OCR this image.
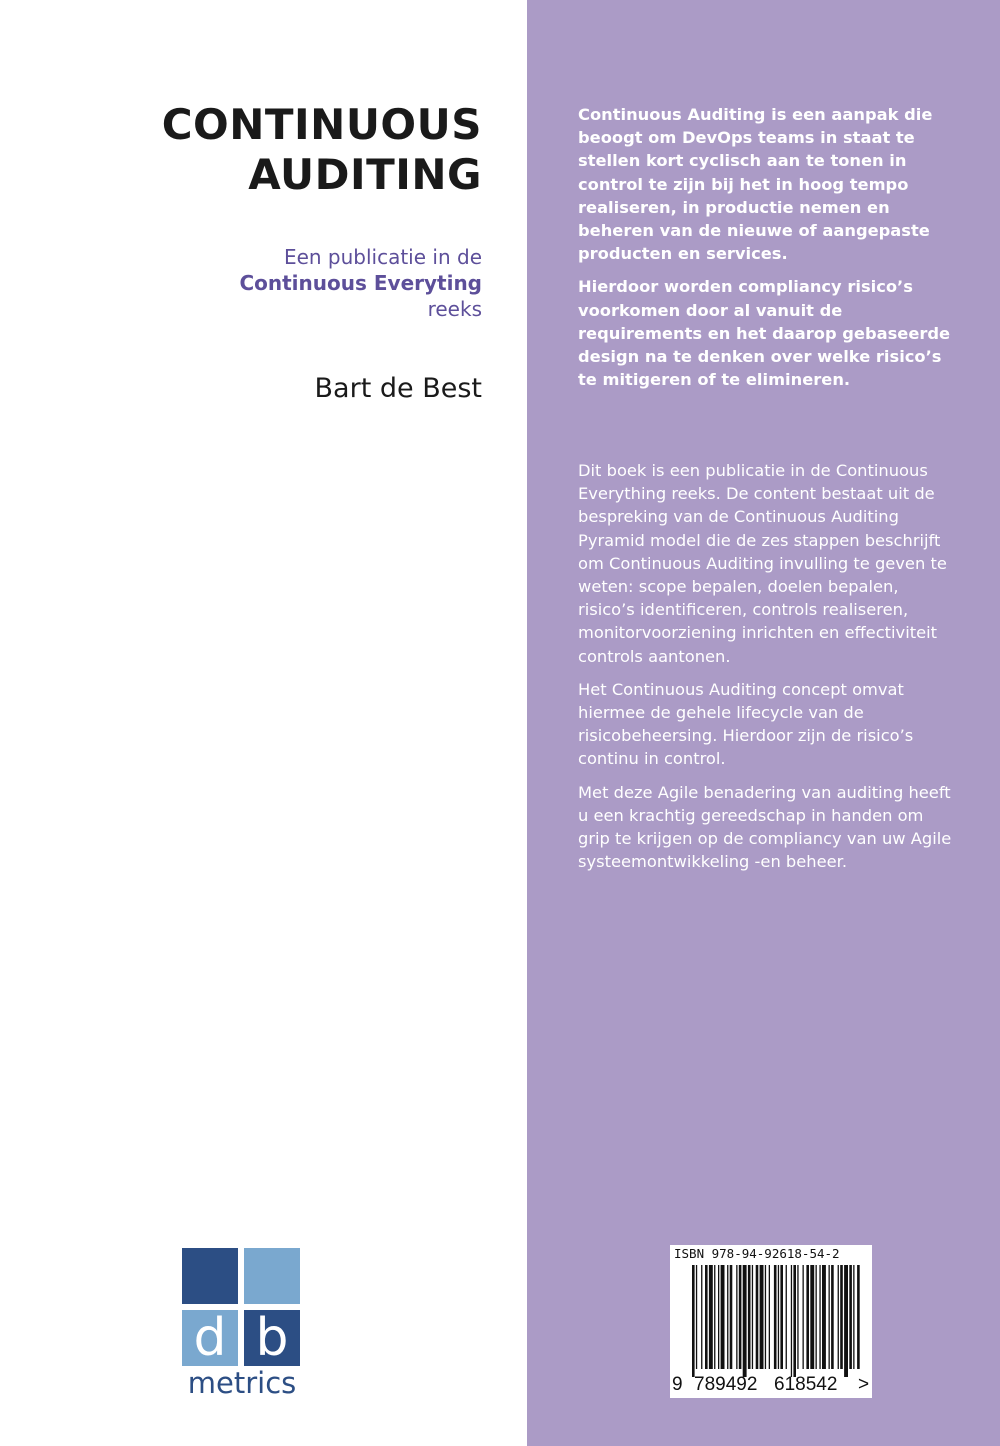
CONTINUOUS
AUDITING
Een publicatie in de
Continuous Everyting
reeks
Bart de Best
d b
metrics

Continuous Auditing is een aanpak die beoogt om DevOps teams in staat te stellen kort cyclisch aan te tonen in control te zijn bij het in hoog tempo realiseren, in productie nemen en beheren van de nieuwe of aangepaste producten en services.

Hierdoor worden compliancy risico’s voorkomen door al vanuit de requirements en het daarop gebaseerde design na te denken over welke risico’s te mitigeren of te elimineren.

Dit boek is een publicatie in de Continuous Everything reeks. De content bestaat uit de bespreking van de Continuous Auditing Pyramid model die de zes stappen beschrijft om Continuous Auditing invulling te geven te weten: scope bepalen, doelen bepalen, risico’s identificeren, controls realiseren, monitorvoorziening inrichten en effectiviteit controls aantonen.

Het Continuous Auditing concept omvat hiermee de gehele lifecycle van de risicobeheersing. Hierdoor zijn de risico’s continu in control.

Met deze Agile benadering van auditing heeft u een krachtig gereedschap in handen om grip te krijgen op de compliancy van uw Agile systeemontwikkeling -en beheer.

ISBN 978-94-92618-54-2
9 789492 618542 >
